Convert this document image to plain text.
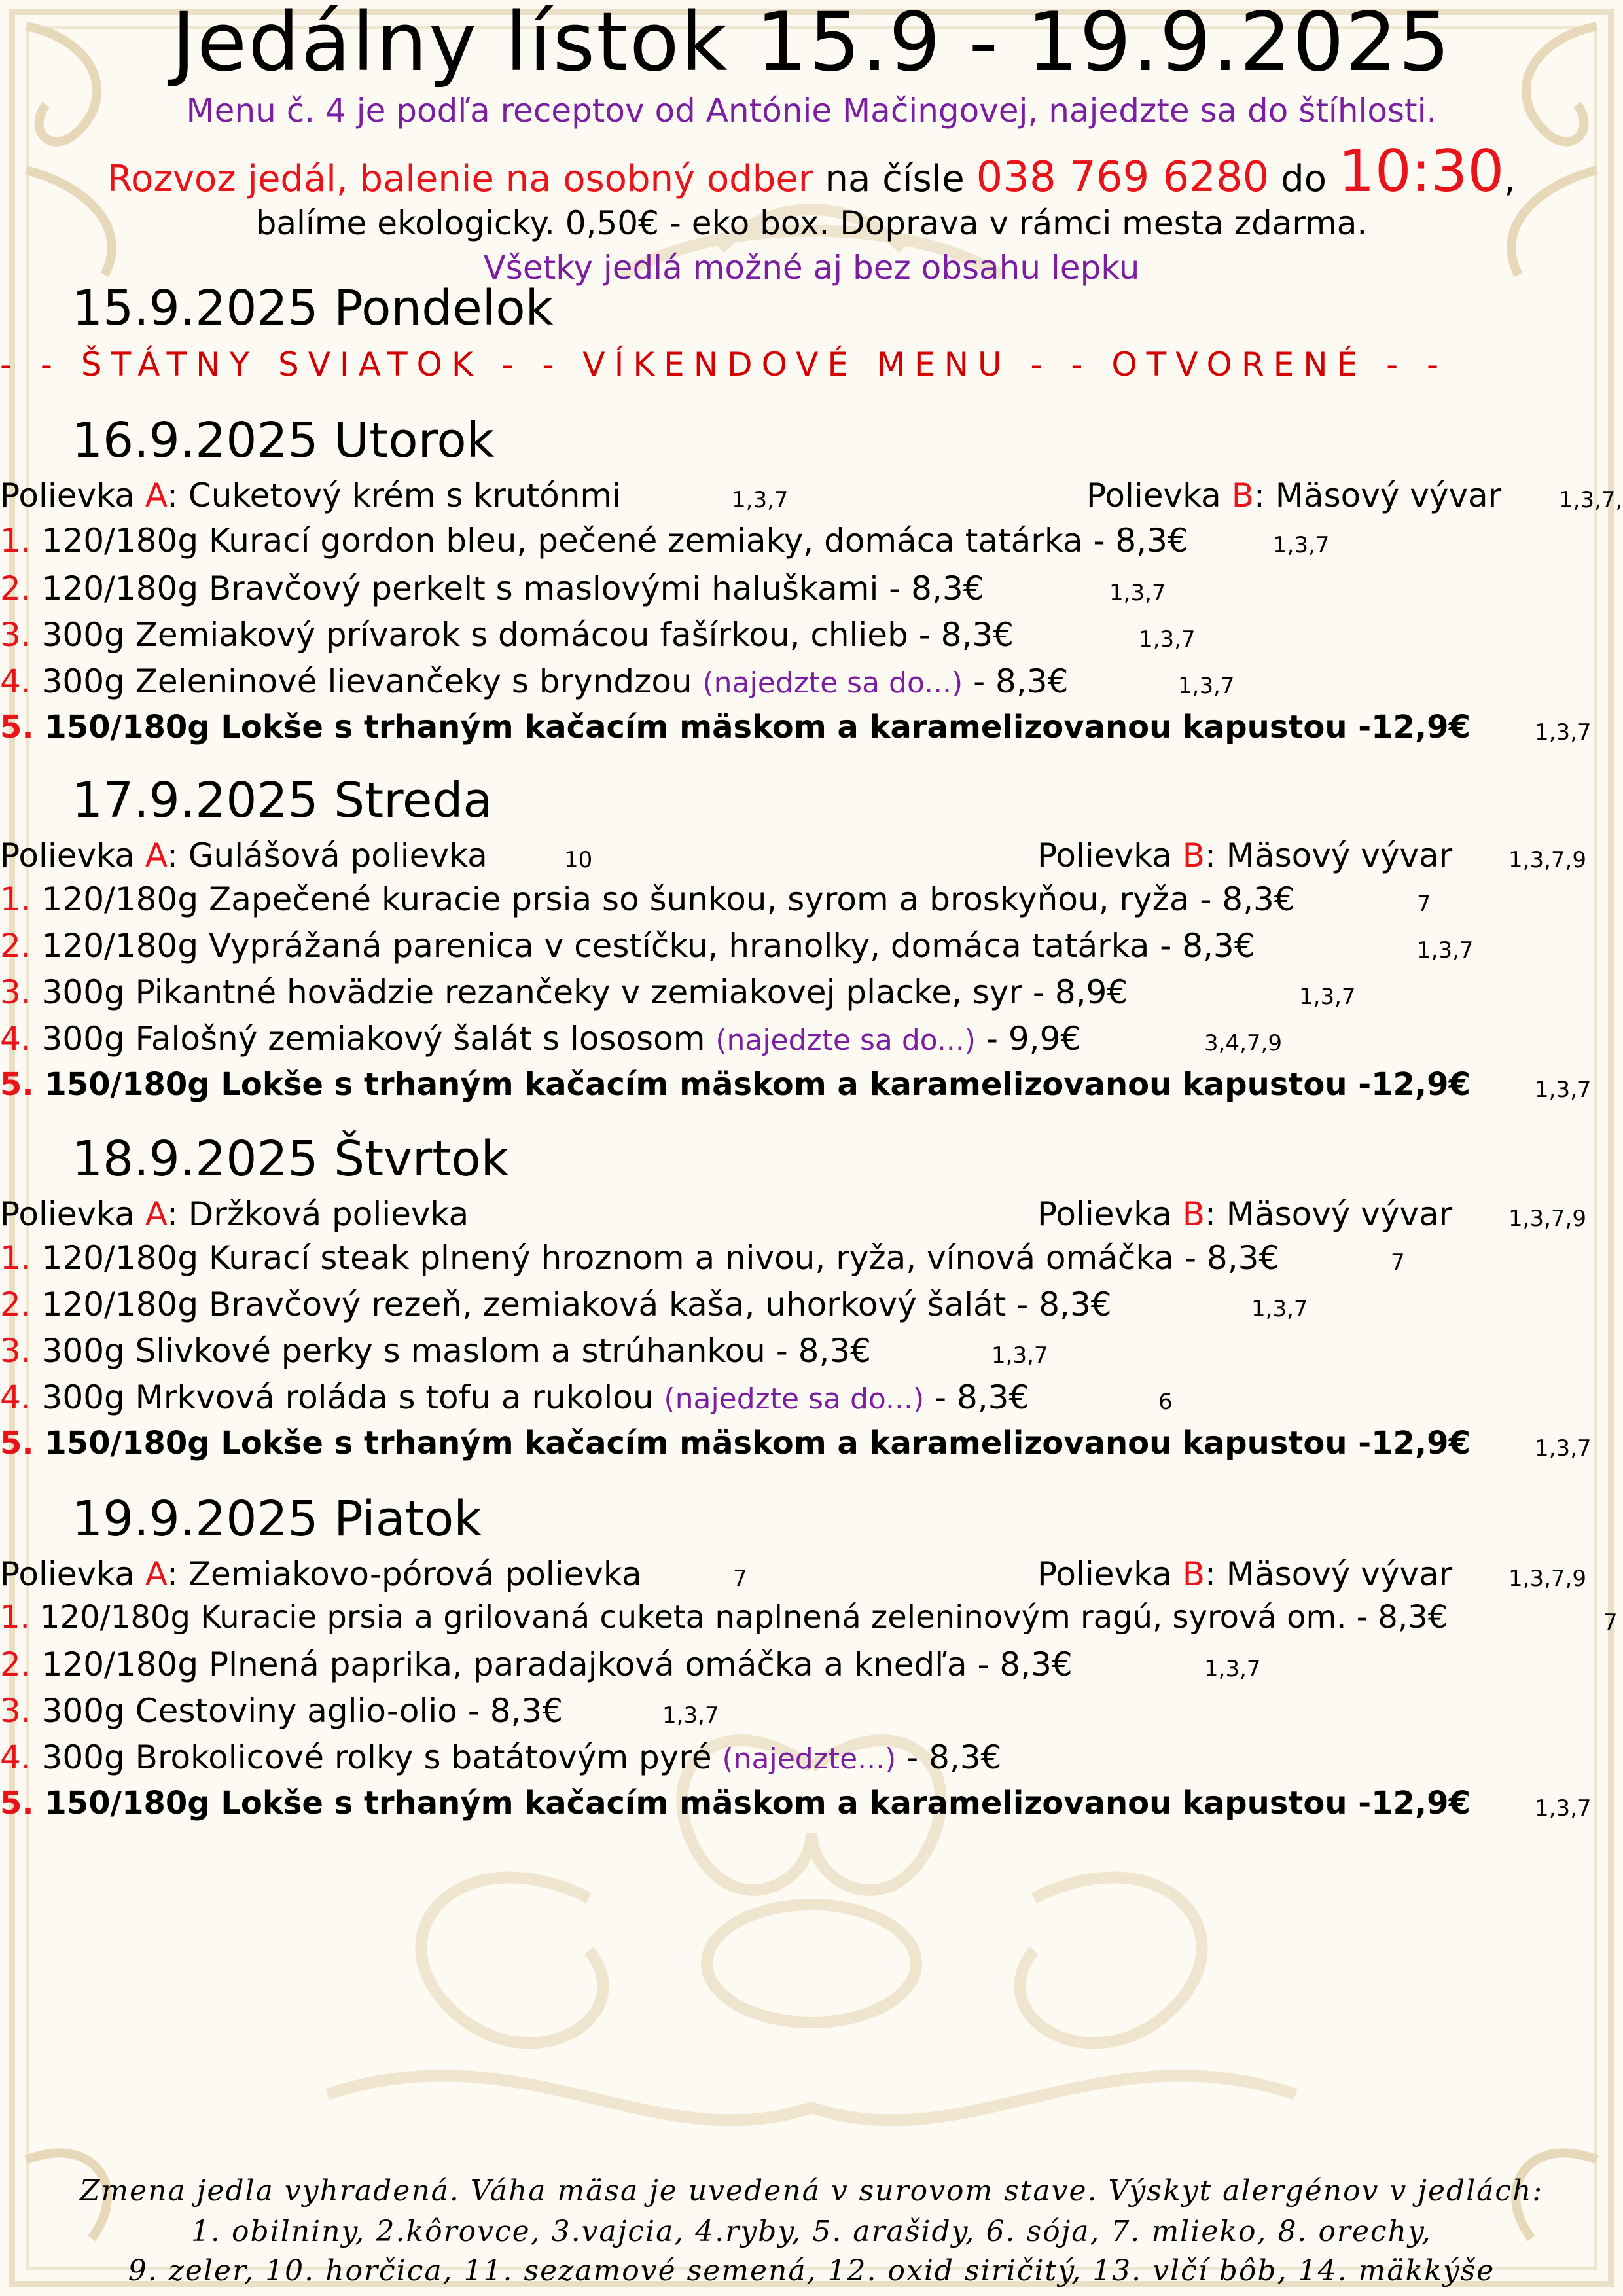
Jedálny lístok 15.9 - 19.9.2025
Menu č. 4 je podľa receptov od Antónie Mačingovej, najedzte sa do štíhlosti.
Rozvoz jedál, balenie na osobný odber na čísle 038 769 6280 do 10:30,
balíme ekologicky. 0,50€ - eko box. Doprava v rámci mesta zdarma.
Všetky jedlá možné aj bez obsahu lepku
15.9.2025 Pondelok
- - ŠTÁTNY SVIATOK - - VÍKENDOVÉ MENU - - OTVORENÉ - -
16.9.2025 Utorok
Polievka A: Cuketový krém s krutónmi	1,3,7	Polievka B: Mäsový vývar	1,3,7,
1. 120/180g Kurací gordon bleu, pečené zemiaky, domáca tatárka - 8,3€	1,3,7
2. 120/180g Bravčový perkelt s maslovými haluškami - 8,3€	1,3,7
3. 300g Zemiakový prívarok s domácou fašírkou, chlieb - 8,3€	1,3,7
4. 300g Zeleninové lievančeky s bryndzou (najedzte sa do...) - 8,3€	1,3,7
5. 150/180g Lokše s trhaným kačacím mäskom a karamelizovanou kapustou -12,9€	1,3,7
17.9.2025 Streda
Polievka A: Gulášová polievka	10	Polievka B: Mäsový vývar	1,3,7,9
1. 120/180g Zapečené kuracie prsia so šunkou, syrom a broskyňou, ryža - 8,3€	7
2. 120/180g Vyprážaná parenica v cestíčku, hranolky, domáca tatárka - 8,3€	1,3,7
3. 300g Pikantné hovädzie rezančeky v zemiakovej placke, syr - 8,9€	1,3,7
4. 300g Falošný zemiakový šalát s lososom (najedzte sa do...) - 9,9€	3,4,7,9
5. 150/180g Lokše s trhaným kačacím mäskom a karamelizovanou kapustou -12,9€	1,3,7
18.9.2025 Štvrtok
Polievka A: Držková polievka	Polievka B: Mäsový vývar	1,3,7,9
1. 120/180g Kurací steak plnený hroznom a nivou, ryža, vínová omáčka - 8,3€	7
2. 120/180g Bravčový rezeň, zemiaková kaša, uhorkový šalát - 8,3€	1,3,7
3. 300g Slivkové perky s maslom a strúhankou - 8,3€	1,3,7
4. 300g Mrkvová roláda s tofu a rukolou (najedzte sa do...) - 8,3€	6
5. 150/180g Lokše s trhaným kačacím mäskom a karamelizovanou kapustou -12,9€	1,3,7
19.9.2025 Piatok
Polievka A: Zemiakovo-pórová polievka	7	Polievka B: Mäsový vývar	1,3,7,9
1. 120/180g Kuracie prsia a grilovaná cuketa naplnená zeleninovým ragú, syrová om. - 8,3€	7
2. 120/180g Plnená paprika, paradajková omáčka a knedľa - 8,3€	1,3,7
3. 300g Cestoviny aglio-olio - 8,3€	1,3,7
4. 300g Brokolicové rolky s batátovým pyré (najedzte...) - 8,3€
5. 150/180g Lokše s trhaným kačacím mäskom a karamelizovanou kapustou -12,9€	1,3,7
Zmena jedla vyhradená. Váha mäsa je uvedená v surovom stave. Výskyt alergénov v jedlách:
1. obilniny, 2.kôrovce, 3.vajcia, 4.ryby, 5. arašidy, 6. sója, 7. mlieko, 8. orechy,
9. zeler, 10. horčica, 11. sezamové semená, 12. oxid siričitý, 13. vlčí bôb, 14. mäkkýše
